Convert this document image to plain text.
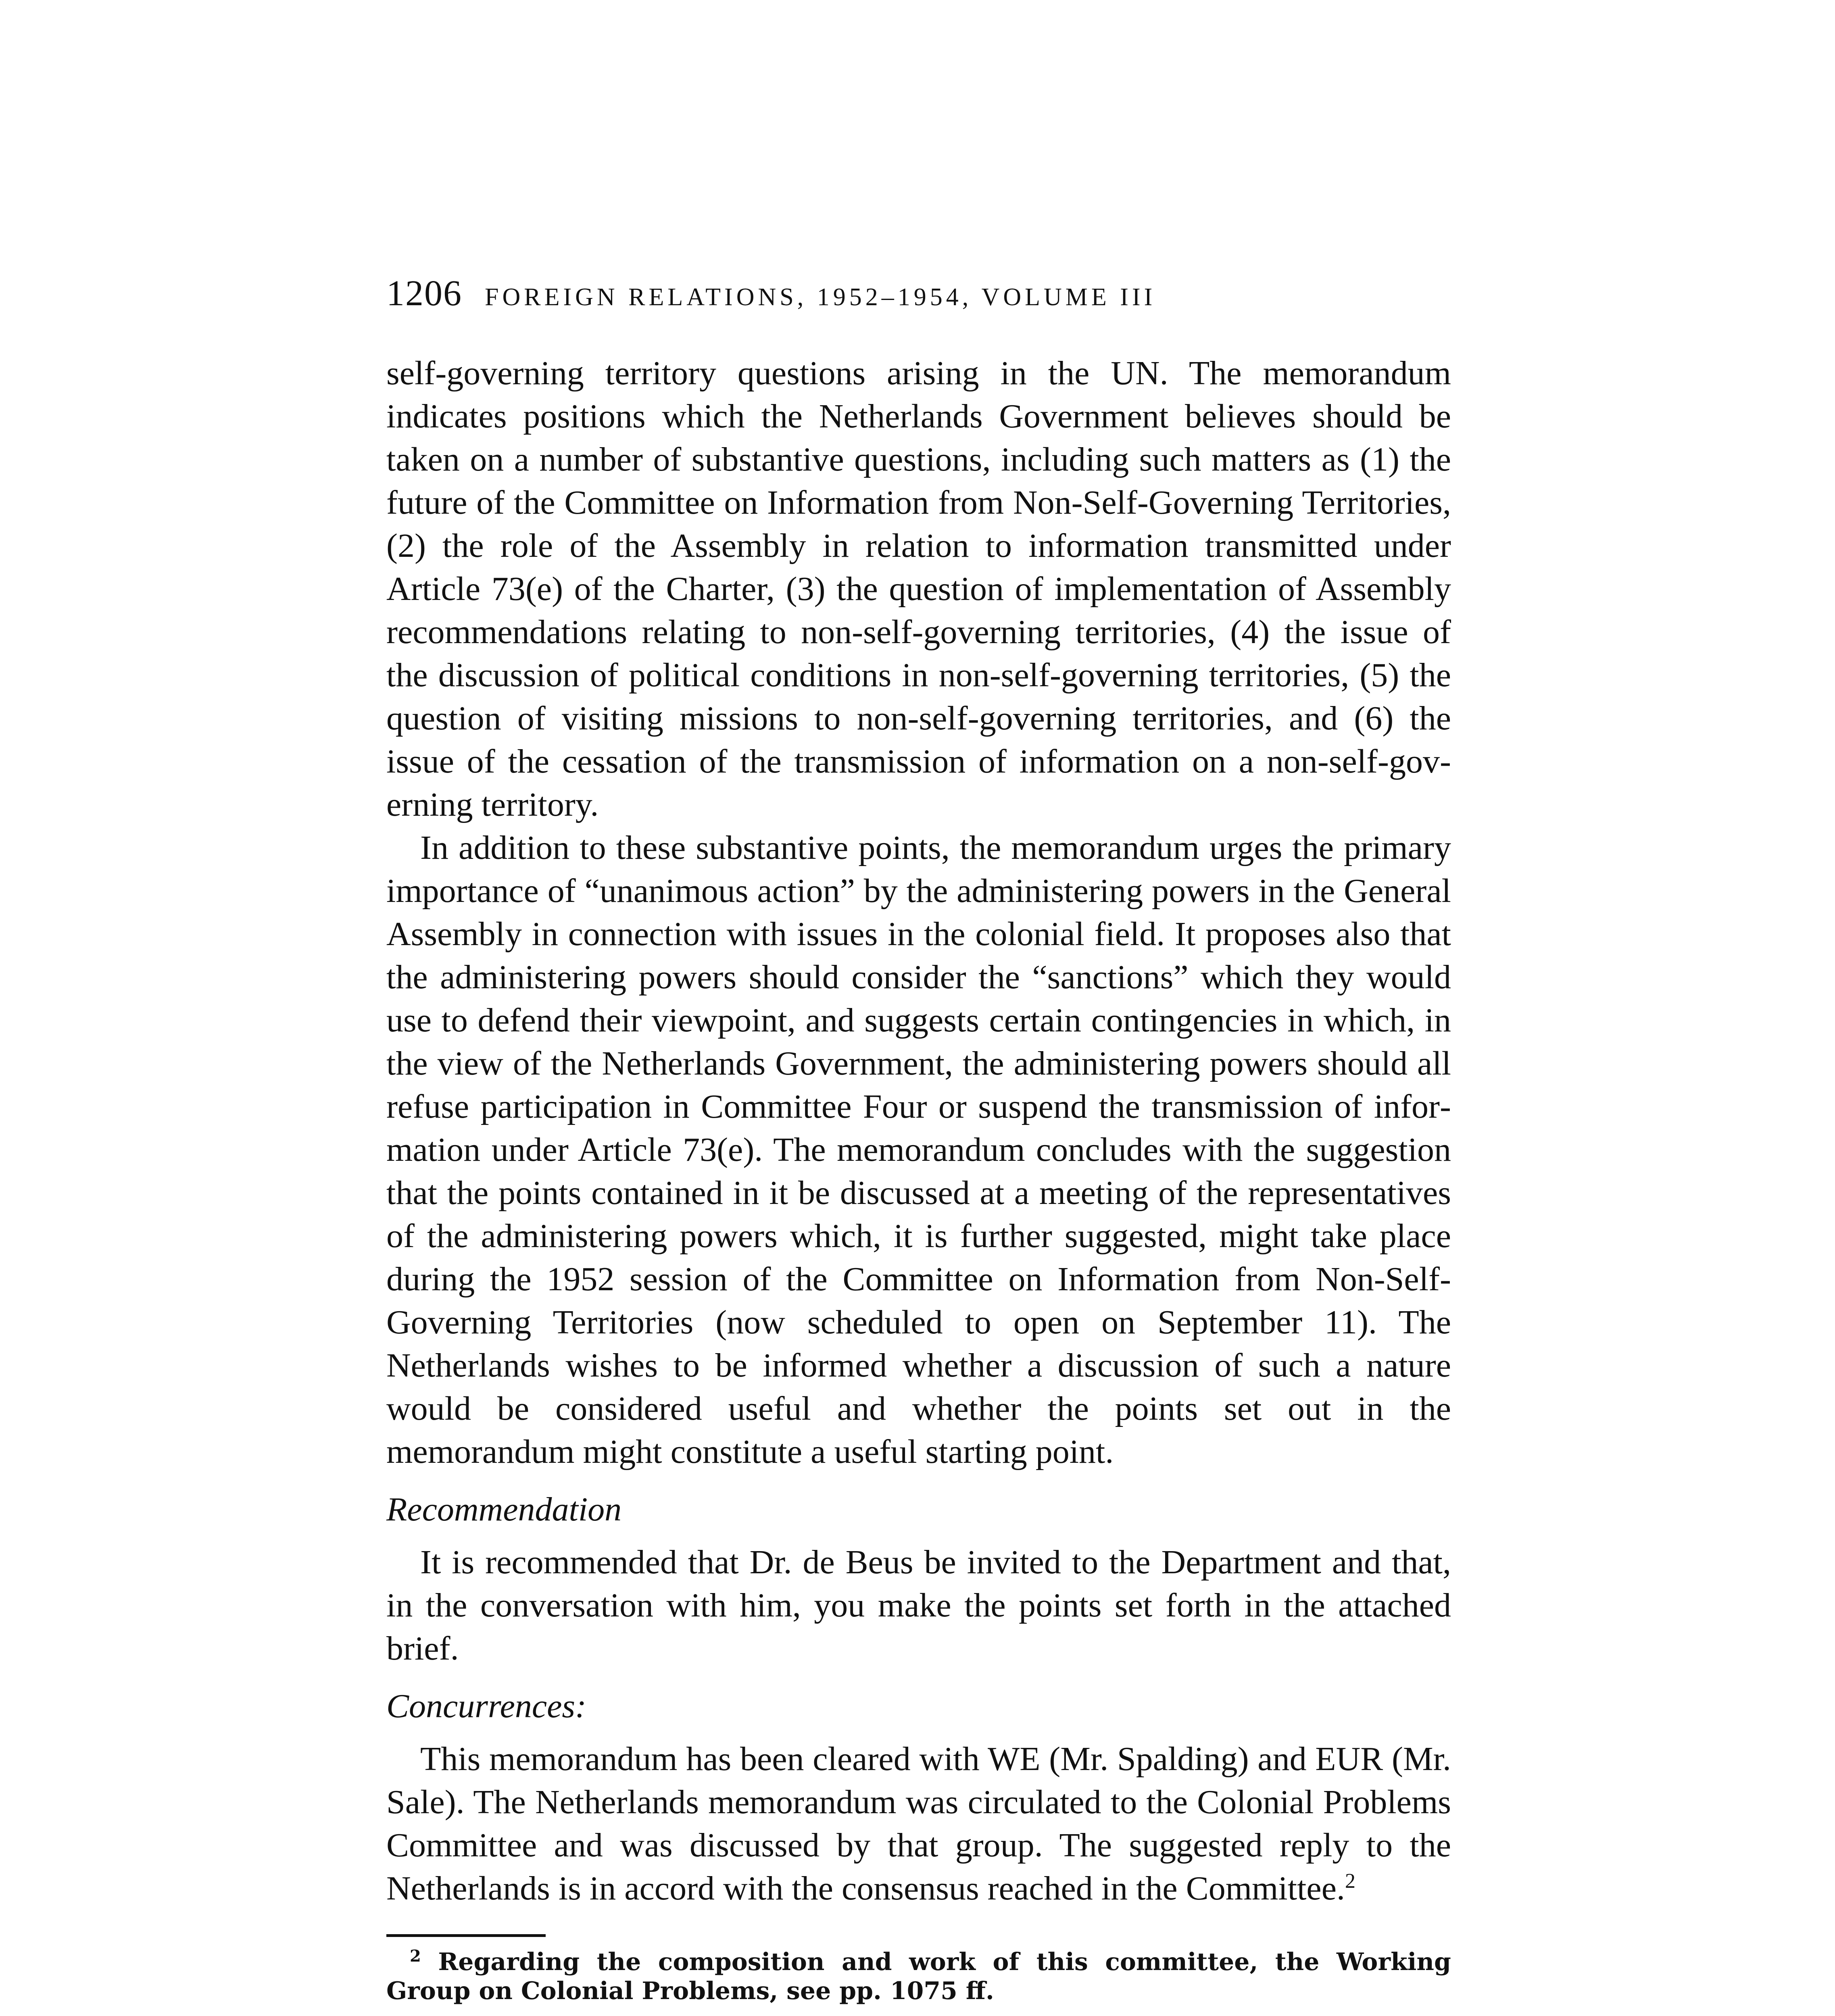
1206 FOREIGN RELATIONS, 1952–1954, VOLUME III

self-governing territory questions arising in the UN. The memorandum indicates positions which the Netherlands Government believes should be taken on a number of substantive questions, including such matters as (1) the future of the Committee on Information from Non-Self-Governing Territories, (2) the role of the Assembly in relation to information transmitted under Article 73(e) of the Charter, (3) the question of implementation of Assembly recommendations relating to non-self-governing territories, (4) the issue of the discussion of political conditions in non-self-governing territories, (5) the question of visiting missions to non-self-governing territories, and (6) the issue of the cessation of the transmission of information on a non-self-governing territory.

In addition to these substantive points, the memorandum urges the primary importance of “unanimous action” by the administering powers in the General Assembly in connection with issues in the colonial field. It proposes also that the administering powers should consider the “sanctions” which they would use to defend their viewpoint, and suggests certain contingencies in which, in the view of the Netherlands Government, the administering powers should all refuse participation in Committee Four or suspend the transmission of information under Article 73(e). The memorandum concludes with the suggestion that the points contained in it be discussed at a meeting of the representatives of the administering powers which, it is further suggested, might take place during the 1952 session of the Committee on Information from Non-Self-Governing Territories (now scheduled to open on September 11). The Netherlands wishes to be informed whether a discussion of such a nature would be considered useful and whether the points set out in the memorandum might constitute a useful starting point.

Recommendation

It is recommended that Dr. de Beus be invited to the Department and that, in the conversation with him, you make the points set forth in the attached brief.

Concurrences:

This memorandum has been cleared with WE (Mr. Spalding) and EUR (Mr. Sale). The Netherlands memorandum was circulated to the Colonial Problems Committee and was discussed by that group. The suggested reply to the Netherlands is in accord with the consensus reached in the Committee.$^2$

$^2$ Regarding the composition and work of this committee, the Working Group on Colonial Problems, see pp. 1075 ff.
